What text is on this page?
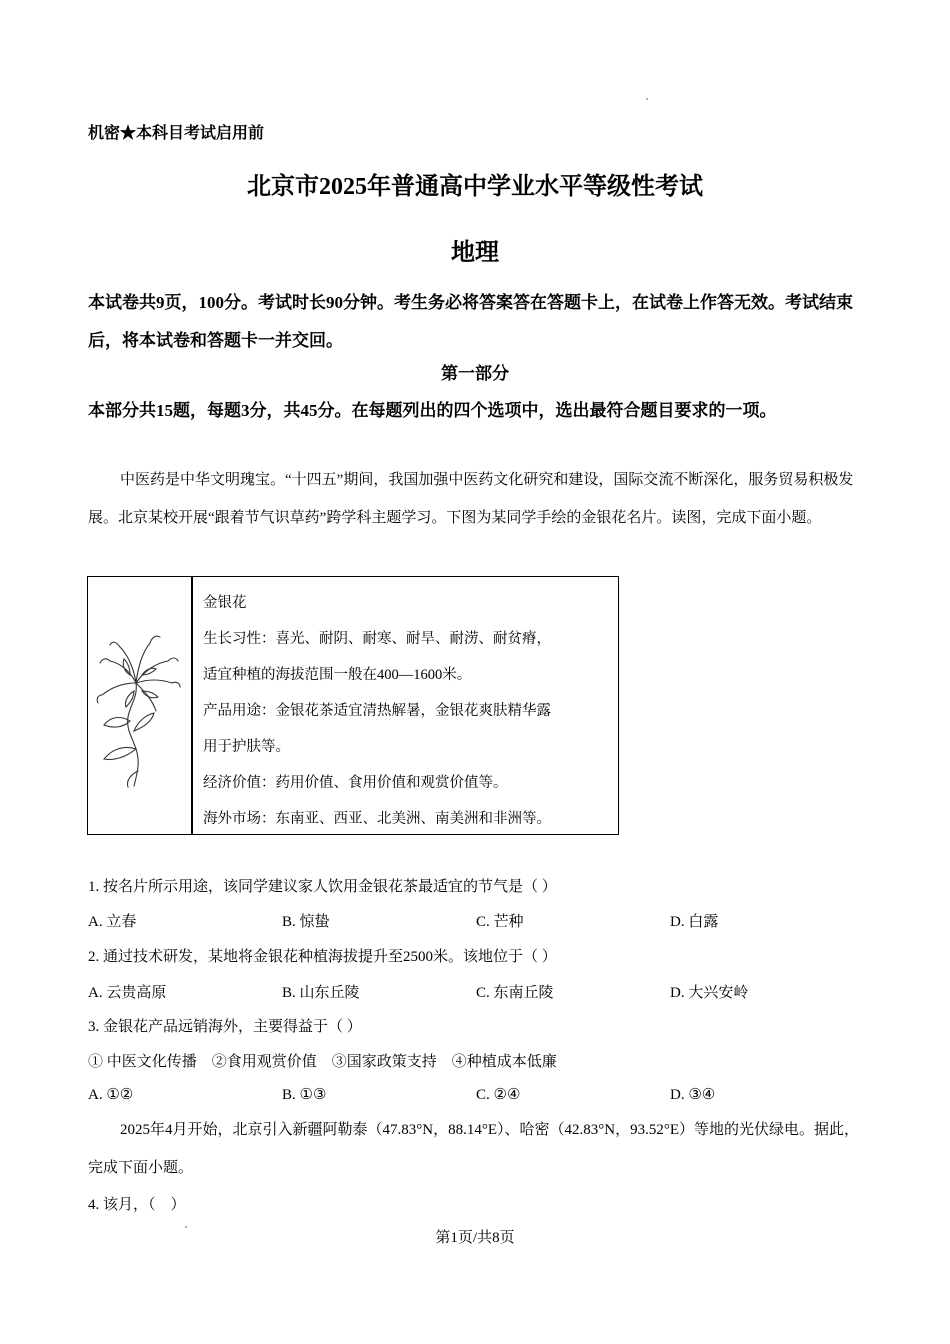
机密★本科目考试启用前
北京市2025年普通高中学业水平等级性考试
地理
本试卷共9页，100分。考试时长90分钟。考生务必将答案答在答题卡上，在试卷上作答无效。考试结束后，将本试卷和答题卡一并交回。
第一部分
本部分共15题，每题3分，共45分。在每题列出的四个选项中，选出最符合题目要求的一项。
中医药是中华文明瑰宝。“十四五”期间，我国加强中医药文化研究和建设，国际交流不断深化，服务贸易积极发展。北京某校开展“跟着节气识草药”跨学科主题学习。下图为某同学手绘的金银花名片。读图，完成下面小题。
金银花
生长习性：喜光、耐阴、耐寒、耐旱、耐涝、耐贫瘠，
适宜种植的海拔范围一般在400—1600米。
产品用途：金银花茶适宜清热解暑，金银花爽肤精华露
用于护肤等。
经济价值：药用价值、食用价值和观赏价值等。
海外市场：东南亚、西亚、北美洲、南美洲和非洲等。
1. 按名片所示用途，该同学建议家人饮用金银花茶最适宜的节气是（ ）
A. 立春	B. 惊蛰	C. 芒种	D. 白露
2. 通过技术研发，某地将金银花种植海拔提升至2500米。该地位于（ ）
A. 云贵高原	B. 山东丘陵	C. 东南丘陵	D. 大兴安岭
3. 金银花产品远销海外，主要得益于（ ）
① 中医文化传播    ②食用观赏价值    ③国家政策支持    ④种植成本低廉
A. ①②	B. ①③	C. ②④	D. ③④
2025年4月开始，北京引入新疆阿勒泰（47.83°N，88.14°E）、哈密（42.83°N，93.52°E）等地的光伏绿电。据此，完成下面小题。
4. 该月，（    ）
第1页/共8页
